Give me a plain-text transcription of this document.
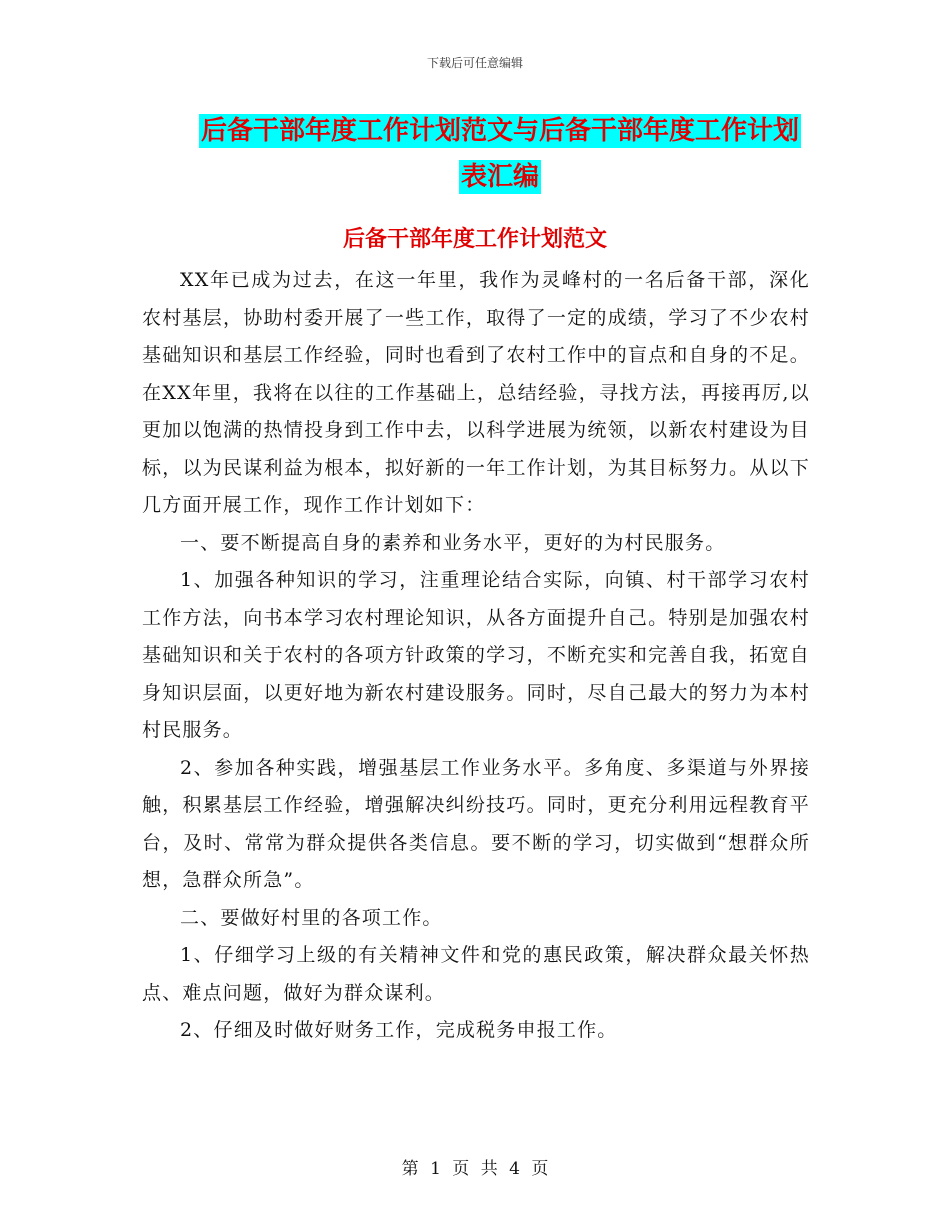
下载后可任意编辑
后备干部年度工作计划范文与后备干部年度工作计划
表汇编
后备干部年度工作计划范文

XX年已成为过去，在这一年里，我作为灵峰村的一名后备干部，深化农村基层，协助村委开展了一些工作，取得了一定的成绩，学习了不少农村基础知识和基层工作经验，同时也看到了农村工作中的盲点和自身的不足。在XX年里，我将在以往的工作基础上，总结经验，寻找方法，再接再厉,以更加以饱满的热情投身到工作中去，以科学进展为统领，以新农村建设为目标，以为民谋利益为根本，拟好新的一年工作计划，为其目标努力。从以下几方面开展工作，现作工作计划如下：

一、要不断提高自身的素养和业务水平，更好的为村民服务。

1、加强各种知识的学习，注重理论结合实际，向镇、村干部学习农村工作方法，向书本学习农村理论知识，从各方面提升自己。特别是加强农村基础知识和关于农村的各项方针政策的学习，不断充实和完善自我，拓宽自身知识层面，以更好地为新农村建设服务。同时，尽自己最大的努力为本村村民服务。

2、参加各种实践，增强基层工作业务水平。多角度、多渠道与外界接触，积累基层工作经验，增强解决纠纷技巧。同时，更充分利用远程教育平台，及时、常常为群众提供各类信息。要不断的学习，切实做到“想群众所想，急群众所急”。

二、要做好村里的各项工作。

1、仔细学习上级的有关精神文件和党的惠民政策，解决群众最关怀热点、难点问题，做好为群众谋利。

2、仔细及时做好财务工作，完成税务申报工作。

第 1 页 共 4 页
